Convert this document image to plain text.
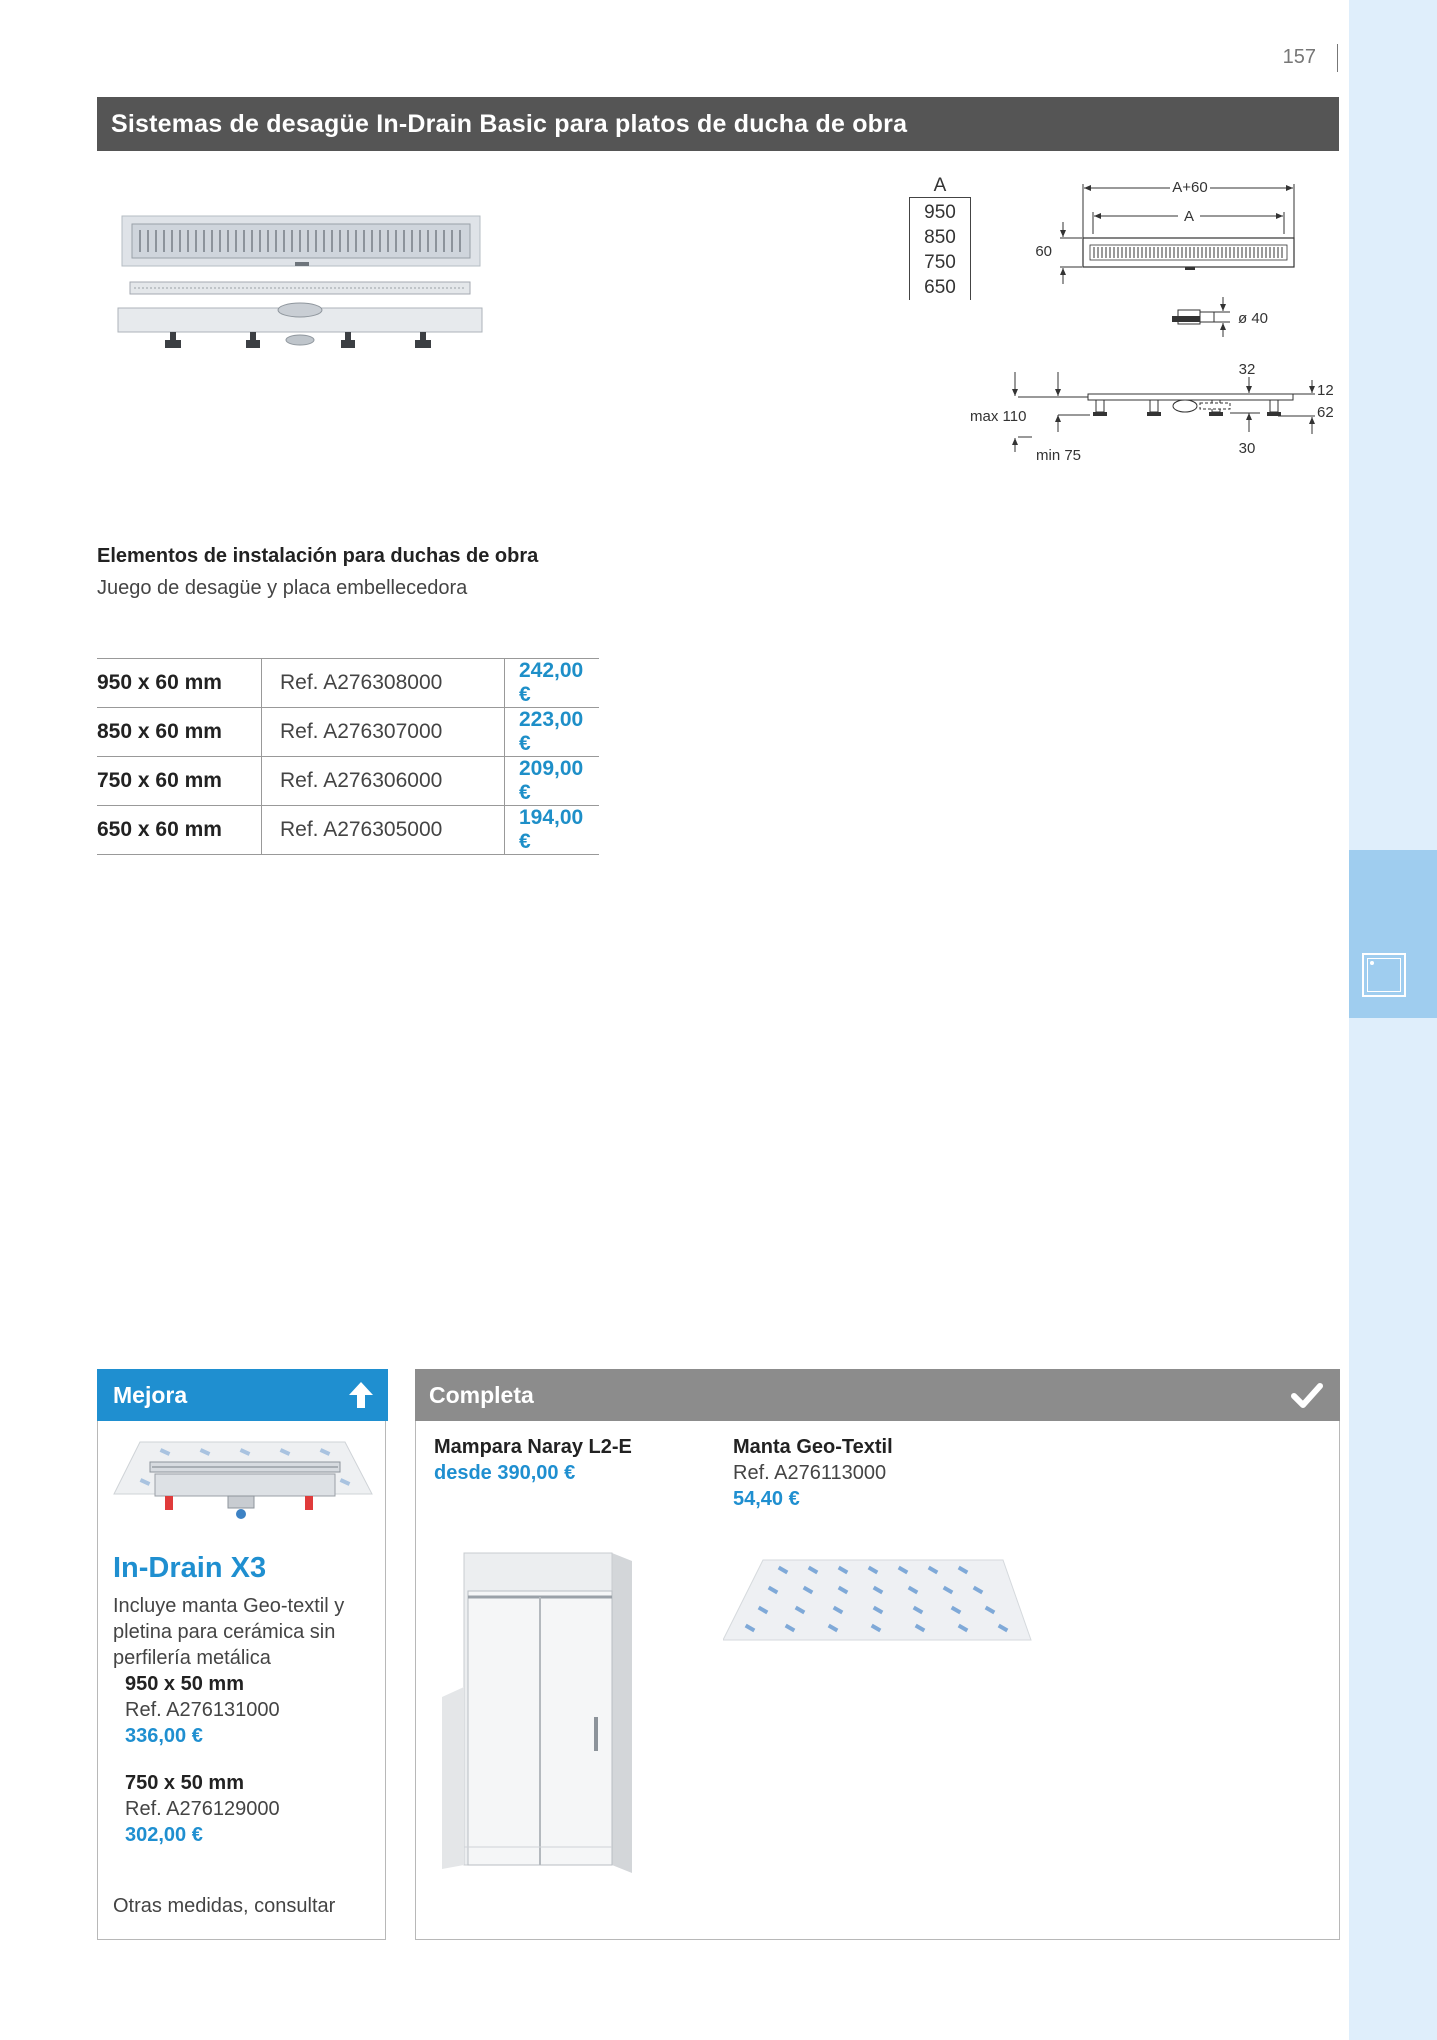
157
Sistemas de desagüe In-Drain Basic para platos de ducha de obra
A
950
850
750
650
A+60
A
60
ø 40
max 110
min 75
32
30
12
62
Elementos de instalación para duchas de obra
Juego de desagüe y placa embellecedora
950 x 60 mm	Ref. A276308000	242,00 €
850 x 60 mm	Ref. A276307000	223,00 €
750 x 60 mm	Ref. A276306000	209,00 €
650 x 60 mm	Ref. A276305000	194,00 €
Mejora
In-Drain X3
Incluye manta Geo-textil y pletina para cerámica sin perfilería metálica
950 x 50 mm
Ref. A276131000
336,00 €
750 x 50 mm
Ref. A276129000
302,00 €
Otras medidas, consultar
Completa
Mampara Naray L2-E
desde 390,00 €
Manta Geo-Textil
Ref. A276113000
54,40 €
